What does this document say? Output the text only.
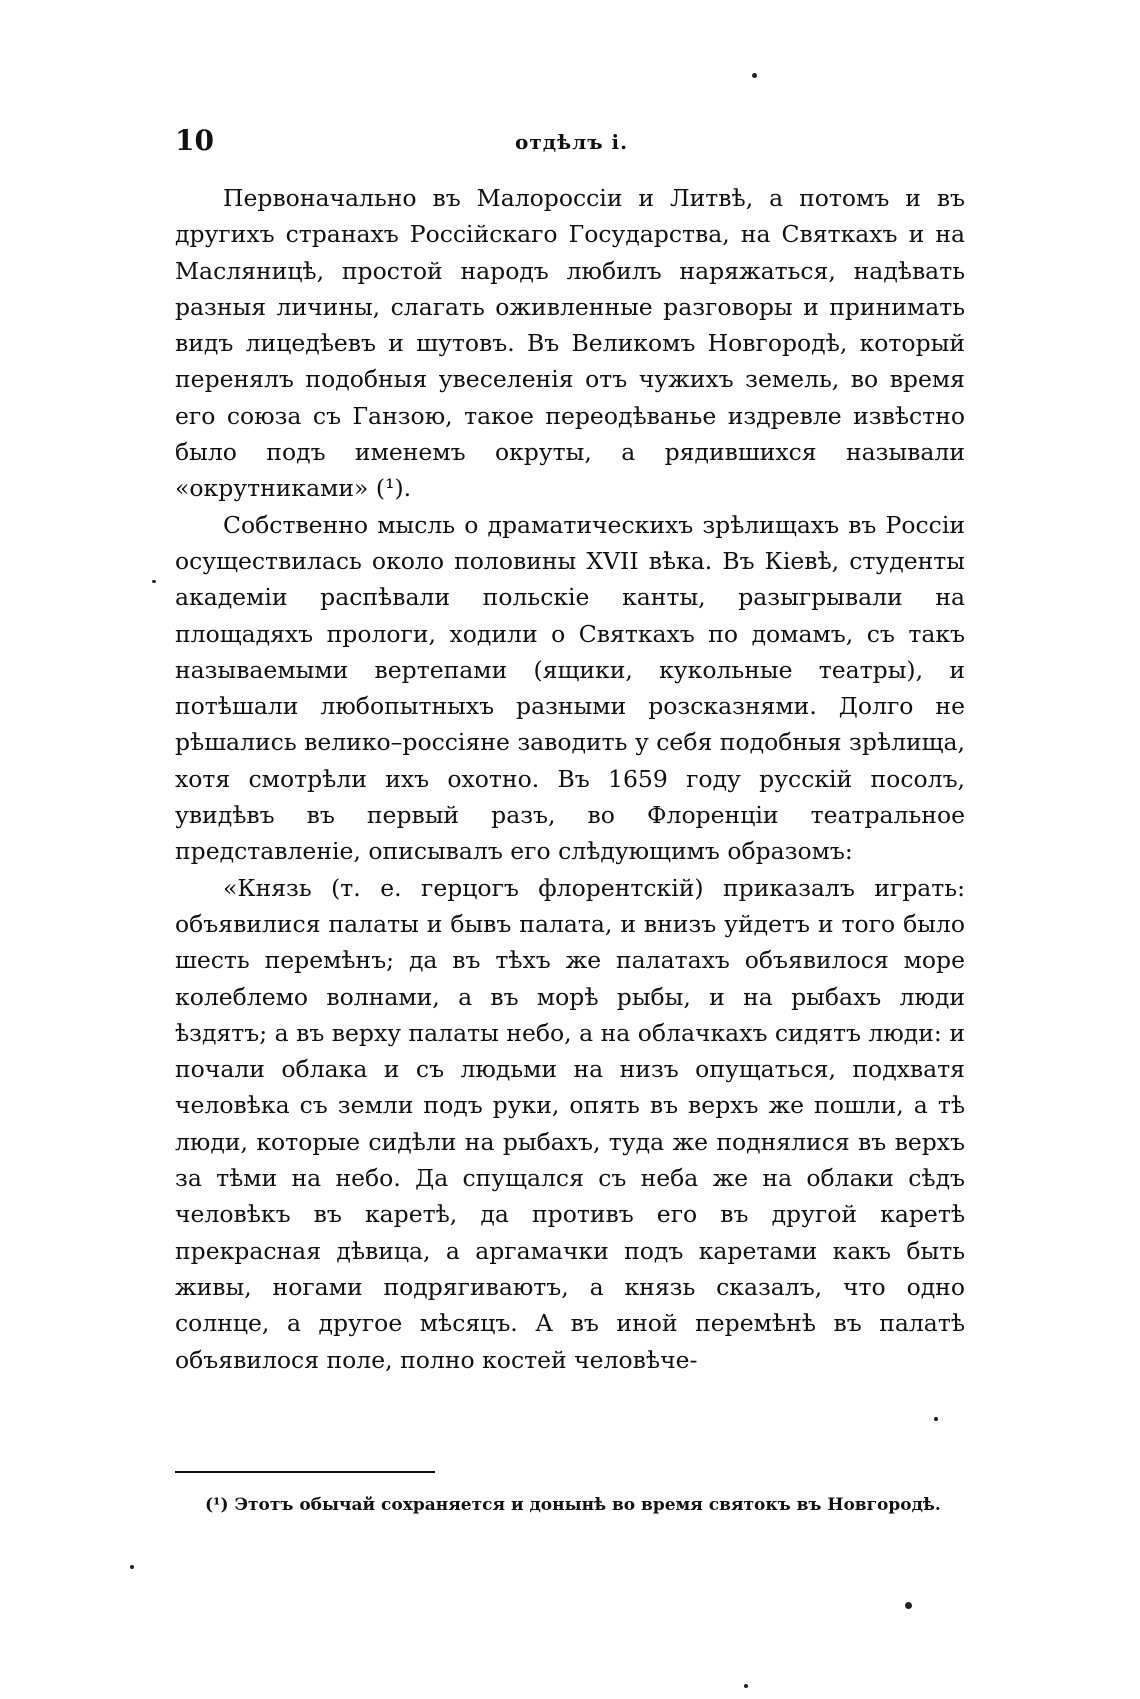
10	отдѣлъ i.

Первоначально въ Малороссіи и Литвѣ, а потомъ и въ другихъ странахъ Россійскаго Государства, на Святкахъ и на Масляницѣ, простой народъ любилъ наряжаться, надѣвать разныя личины, слагать оживленные разговоры и принимать видъ лицедѣевъ и шутовъ. Въ Великомъ Новгородѣ, который перенялъ подобныя увеселенія отъ чужихъ земель, во время его союза съ Ганзою, такое переодѣванье издревле извѣстно было подъ именемъ окруты, а рядившихся называли «окрутниками» (¹).

Собственно мысль о драматическихъ зрѣлищахъ въ Россіи осуществилась около половины XVII вѣка. Въ Кіевѣ, студенты академіи распѣвали польскіе канты, разыгрывали на площадяхъ прологи, ходили о Святкахъ по домамъ, съ такъ называемыми вертепами (ящики, кукольные театры), и потѣшали любопытныхъ разными розсказнями. Долго не рѣшались велико–россіяне заводить у себя подобныя зрѣлища, хотя смотрѣли ихъ охотно. Въ 1659 году русскій посолъ, увидѣвъ въ первый разъ, во Флоренціи театральное представленіе, описывалъ его слѣдующимъ образомъ:

«Князь (т. е. герцогъ флорентскій) приказалъ играть: объявилися палаты и бывъ палата, и внизъ уйдетъ и того было шесть перемѣнъ; да въ тѣхъ же палатахъ объявилося море колеблемо волнами, а въ морѣ рыбы, и на рыбахъ люди ѣздятъ; а въ верху палаты небо, а на облачкахъ сидятъ люди: и почали облака и съ людьми на низъ опущаться, подхватя человѣка съ земли подъ руки, опять въ верхъ же пошли, а тѣ люди, которые сидѣли на рыбахъ, туда же поднялися въ верхъ за тѣми на небо. Да спущался съ неба же на облаки сѣдъ человѣкъ въ каретѣ, да противъ его въ другой каретѣ прекрасная дѣвица, а аргамачки подъ каретами какъ быть живы, ногами подрягиваютъ, а князь сказалъ, что одно солнце, а другое мѣсяцъ. А въ иной перемѣнѣ въ палатѣ объявилося поле, полно костей человѣче-

(¹) Этотъ обычай сохраняется и донынѣ во время святокъ въ Новгородѣ.
